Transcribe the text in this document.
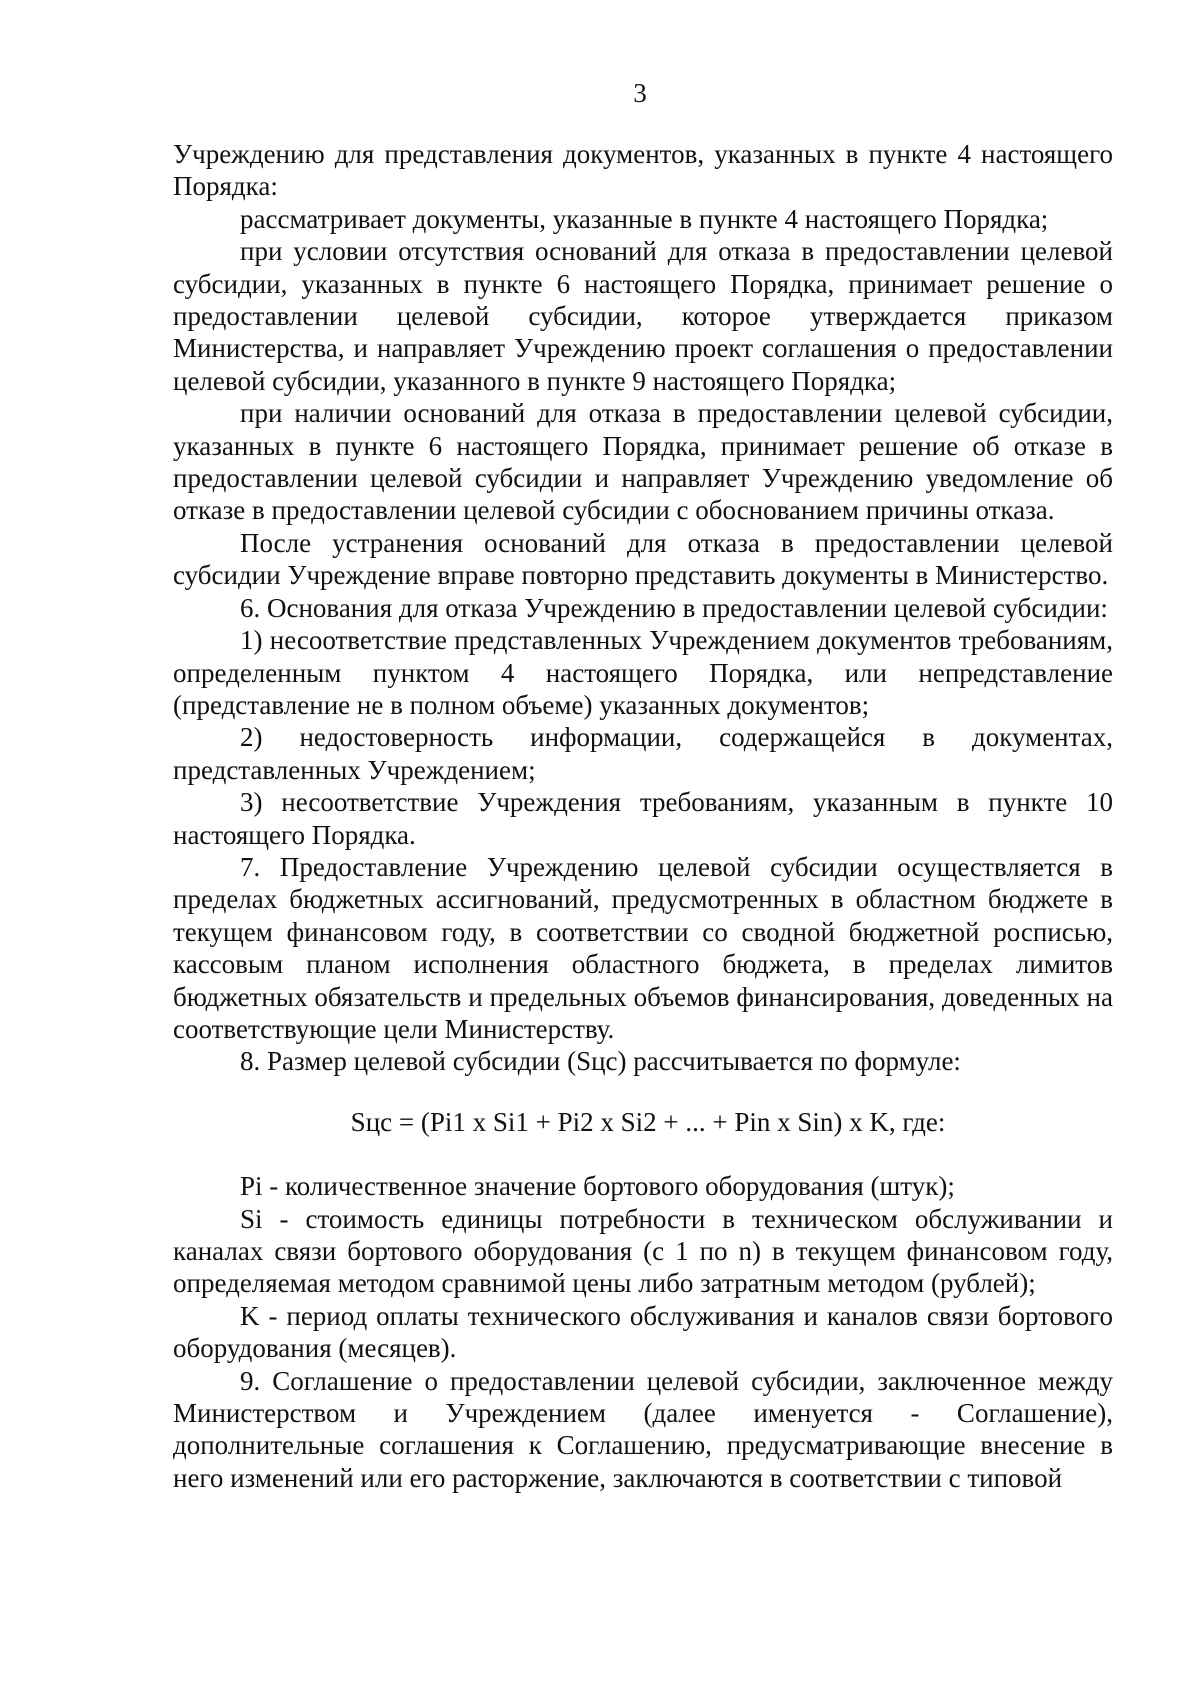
3

Учреждению для представления документов, указанных в пункте 4 настоящего Порядка:

рассматривает документы, указанные в пункте 4 настоящего Порядка;

при условии отсутствия оснований для отказа в предоставлении целевой субсидии, указанных в пункте 6 настоящего Порядка, принимает решение о предоставлении целевой субсидии, которое утверждается приказом Министерства, и направляет Учреждению проект соглашения о предоставлении целевой субсидии, указанного в пункте 9 настоящего Порядка;

при наличии оснований для отказа в предоставлении целевой субсидии, указанных в пункте 6 настоящего Порядка, принимает решение об отказе в предоставлении целевой субсидии и направляет Учреждению уведомление об отказе в предоставлении целевой субсидии с обоснованием причины отказа.

После устранения оснований для отказа в предоставлении целевой субсидии Учреждение вправе повторно представить документы в Министерство.

6. Основания для отказа Учреждению в предоставлении целевой субсидии:

1) несоответствие представленных Учреждением документов требованиям, определенным пунктом 4 настоящего Порядка, или непредставление (представление не в полном объеме) указанных документов;

2) недостоверность информации, содержащейся в документах, представленных Учреждением;

3) несоответствие Учреждения требованиям, указанным в пункте 10 настоящего Порядка.

7. Предоставление Учреждению целевой субсидии осуществляется в пределах бюджетных ассигнований, предусмотренных в областном бюджете в текущем финансовом году, в соответствии со сводной бюджетной росписью, кассовым планом исполнения областного бюджета, в пределах лимитов бюджетных обязательств и предельных объемов финансирования, доведенных на соответствующие цели Министерству.

8. Размер целевой субсидии (Sцс) рассчитывается по формуле:

Sцс = (Pi1 x Si1 + Pi2 x Si2 + ... + Pin x Sin) x K, где:

Pi - количественное значение бортового оборудования (штук);

Si - стоимость единицы потребности в техническом обслуживании и каналах связи бортового оборудования (с 1 по n) в текущем финансовом году, определяемая методом сравнимой цены либо затратным методом (рублей);

K - период оплаты технического обслуживания и каналов связи бортового оборудования (месяцев).

9. Соглашение о предоставлении целевой субсидии, заключенное между Министерством и Учреждением (далее именуется - Соглашение), дополнительные соглашения к Соглашению, предусматривающие внесение в него изменений или его расторжение, заключаются в соответствии с типовой
